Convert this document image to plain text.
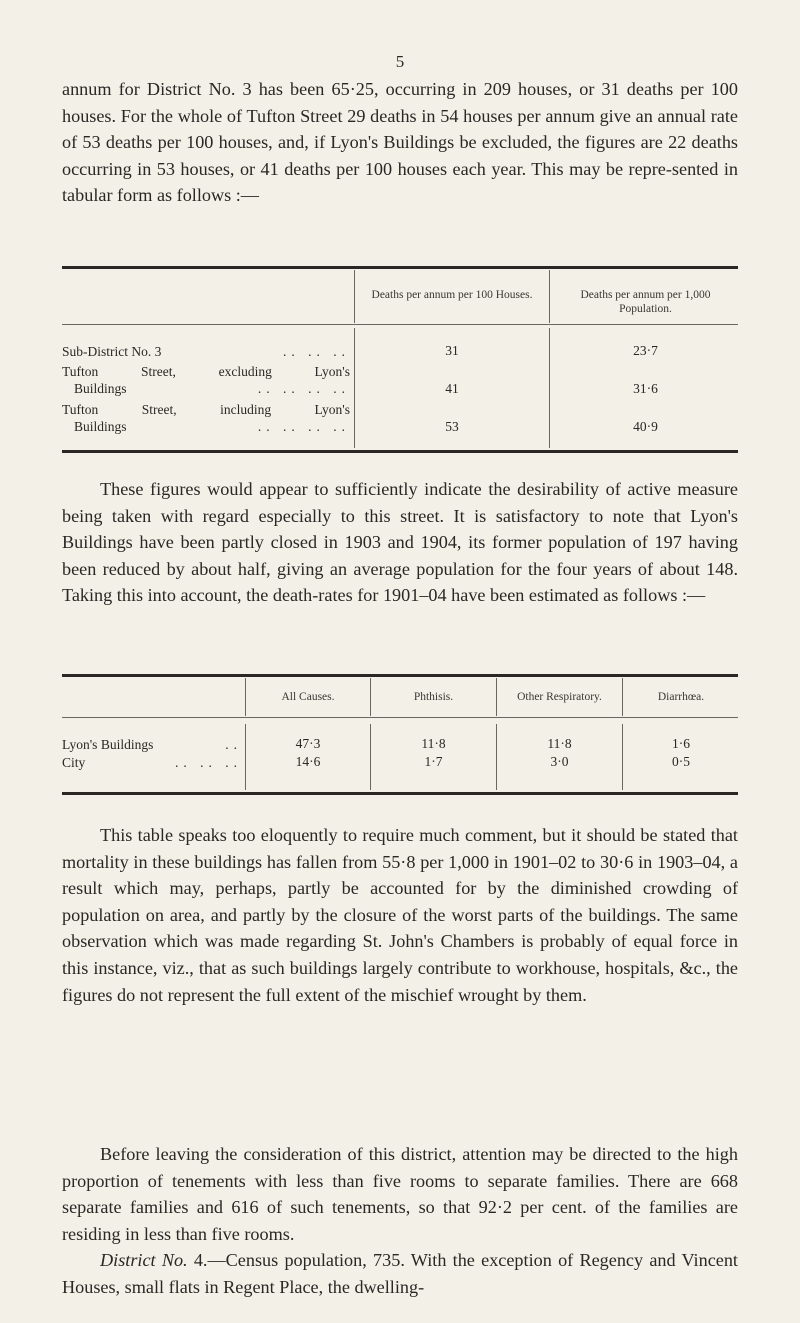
5

annum for District No. 3 has been 65·25, occurring in 209 houses, or 31 deaths per 100 houses. For the whole of Tufton Street 29 deaths in 54 houses per annum give an annual rate of 53 deaths per 100 houses, and, if Lyon's Buildings be excluded, the figures are 22 deaths occurring in 53 houses, or 41 deaths per 100 houses each year. This may be repre-sented in tabular form as follows :—

Deaths per annum per 100 Houses.	Deaths per annum per 1,000 Population.
Sub-District No. 3	.. .. ..	31	23·7
Tufton Street, excluding Lyon's
Buildings	.. .. .. ..	41	31·6
Tufton Street, including Lyon's
Buildings	.. .. .. ..	53	40·9

These figures would appear to sufficiently indicate the desirability of active measure being taken with regard especially to this street. It is satisfactory to note that Lyon's Buildings have been partly closed in 1903 and 1904, its former population of 197 having been reduced by about half, giving an average population for the four years of about 148. Taking this into account, the death-rates for 1901–04 have been estimated as follows :—

All Causes.	Phthisis.	Other Respiratory.	Diarrhœa.
Lyon's Buildings	..	47·3	11·8	11·8	1·6
City	.. .. ..	14·6	1·7	3·0	0·5

This table speaks too eloquently to require much comment, but it should be stated that mortality in these buildings has fallen from 55·8 per 1,000 in 1901–02 to 30·6 in 1903–04, a result which may, perhaps, partly be accounted for by the diminished crowding of population on area, and partly by the closure of the worst parts of the buildings. The same observation which was made regarding St. John's Chambers is probably of equal force in this instance, viz., that as such buildings largely contribute to workhouse, hospitals, &c., the figures do not represent the full extent of the mischief wrought by them.

Before leaving the consideration of this district, attention may be directed to the high proportion of tenements with less than five rooms to separate families. There are 668 separate families and 616 of such tenements, so that 92·2 per cent. of the families are residing in less than five rooms.

District No. 4.—Census population, 735. With the exception of Regency and Vincent Houses, small flats in Regent Place, the dwelling-
